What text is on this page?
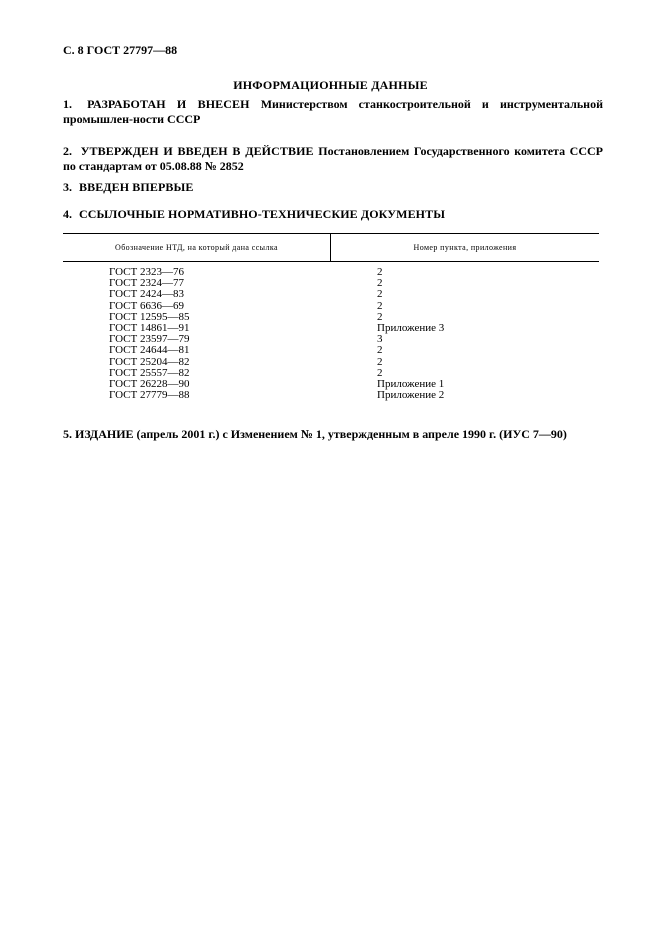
С. 8 ГОСТ 27797—88
ИНФОРМАЦИОННЫЕ ДАННЫЕ
1. РАЗРАБОТАН И ВНЕСЕН Министерством станкостроительной и инструментальной промышлен-ности СССР
2. УТВЕРЖДЕН И ВВЕДЕН В ДЕЙСТВИЕ Постановлением Государственного комитета СССР по стандартам от 05.08.88 № 2852
3. ВВЕДЕН ВПЕРВЫЕ
4. ССЫЛОЧНЫЕ НОРМАТИВНО-ТЕХНИЧЕСКИЕ ДОКУМЕНТЫ
Обозначение НТД, на который дана ссылка	Номер пункта, приложения
ГОСТ 2323—76	2
ГОСТ 2324—77	2
ГОСТ 2424—83	2
ГОСТ 6636—69	2
ГОСТ 12595—85	2
ГОСТ 14861—91	Приложение 3
ГОСТ 23597—79	3
ГОСТ 24644—81	2
ГОСТ 25204—82	2
ГОСТ 25557—82	2
ГОСТ 26228—90	Приложение 1
ГОСТ 27779—88	Приложение 2
5. ИЗДАНИЕ (апрель 2001 г.) с Изменением № 1, утвержденным в апреле 1990 г. (ИУС 7—90)
